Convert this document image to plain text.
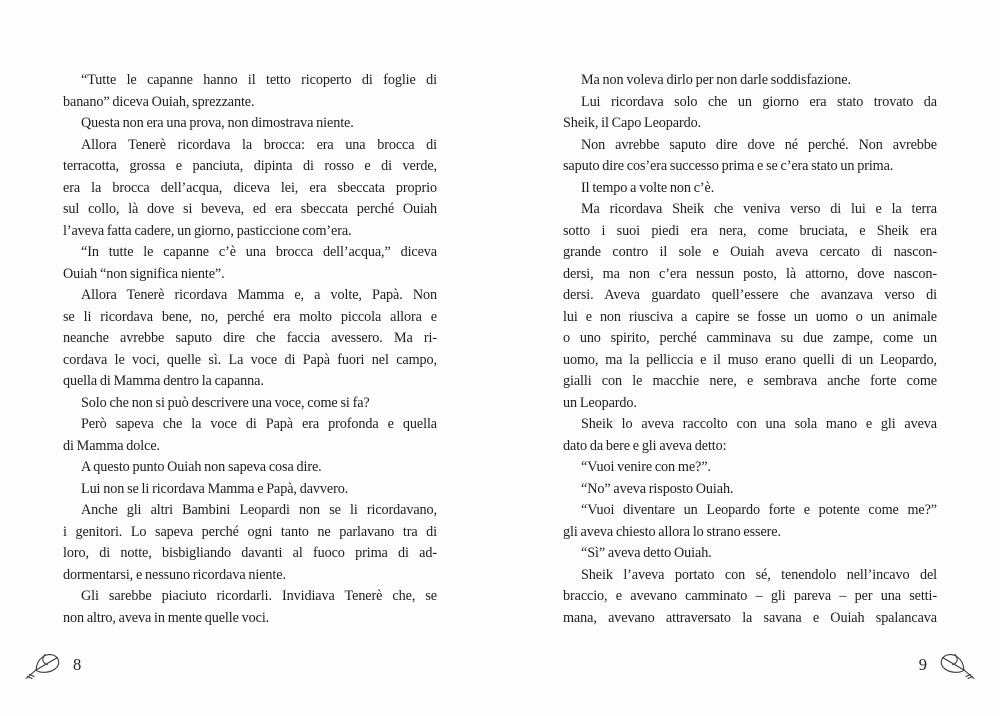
“Tutte le capanne hanno il tetto ricoperto di foglie di
banano” diceva Ouiah, sprezzante.
Questa non era una prova, non dimostrava niente.
Allora Tenerè ricordava la brocca: era una brocca di
terracotta, grossa e panciuta, dipinta di rosso e di verde,
era la brocca dell’acqua, diceva lei, era sbeccata proprio
sul collo, là dove si beveva, ed era sbeccata perché Ouiah
l’aveva fatta cadere, un giorno, pasticcione com’era.
“In tutte le capanne c’è una brocca dell’acqua,” diceva
Ouiah “non significa niente”.
Allora Tenerè ricordava Mamma e, a volte, Papà. Non
se li ricordava bene, no, perché era molto piccola allora e
neanche avrebbe saputo dire che faccia avessero. Ma ri-
cordava le voci, quelle sì. La voce di Papà fuori nel campo,
quella di Mamma dentro la capanna.
Solo che non si può descrivere una voce, come si fa?
Però sapeva che la voce di Papà era profonda e quella
di Mamma dolce.
A questo punto Ouiah non sapeva cosa dire.
Lui non se li ricordava Mamma e Papà, davvero.
Anche gli altri Bambini Leopardi non se li ricordavano,
i genitori. Lo sapeva perché ogni tanto ne parlavano tra di
loro, di notte, bisbigliando davanti al fuoco prima di ad-
dormentarsi, e nessuno ricordava niente.
Gli sarebbe piaciuto ricordarli. Invidiava Tenerè che, se
non altro, aveva in mente quelle voci.
Ma non voleva dirlo per non darle soddisfazione.
Lui ricordava solo che un giorno era stato trovato da
Sheik, il Capo Leopardo.
Non avrebbe saputo dire dove né perché. Non avrebbe
saputo dire cos’era successo prima e se c’era stato un prima.
Il tempo a volte non c’è.
Ma ricordava Sheik che veniva verso di lui e la terra
sotto i suoi piedi era nera, come bruciata, e Sheik era
grande contro il sole e Ouiah aveva cercato di nascon-
dersi, ma non c’era nessun posto, là attorno, dove nascon-
dersi. Aveva guardato quell’essere che avanzava verso di
lui e non riusciva a capire se fosse un uomo o un animale
o uno spirito, perché camminava su due zampe, come un
uomo, ma la pelliccia e il muso erano quelli di un Leopardo,
gialli con le macchie nere, e sembrava anche forte come
un Leopardo.
Sheik lo aveva raccolto con una sola mano e gli aveva
dato da bere e gli aveva detto:
“Vuoi venire con me?”.
“No” aveva risposto Ouiah.
“Vuoi diventare un Leopardo forte e potente come me?”
gli aveva chiesto allora lo strano essere.
“Sì” aveva detto Ouiah.
Sheik l’aveva portato con sé, tenendolo nell’incavo del
braccio, e avevano camminato – gli pareva – per una setti-
mana, avevano attraversato la savana e Ouiah spalancava
8	9
